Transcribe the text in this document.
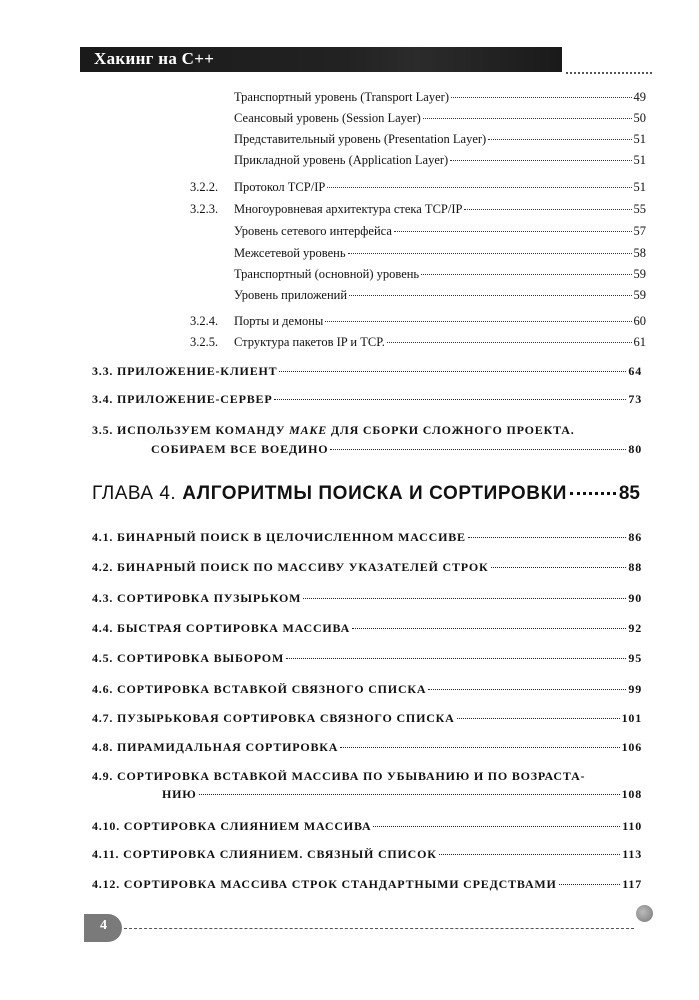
Хакинг на C++
Транспортный уровень (Transport Layer)	49
Сеансовый уровень (Session Layer)	50
Представительный уровень (Presentation Layer)	51
Прикладной уровень (Application Layer)	51
3.2.2.	Протокол TCP/IP	51
3.2.3.	Многоуровневая архитектура стека TCP/IP	55
Уровень сетевого интерфейса	57
Межсетевой уровень	58
Транспортный (основной) уровень	59
Уровень приложений	59
3.2.4.	Порты и демоны	60
3.2.5.	Структура пакетов IP и TCP.	61
3.3. ПРИЛОЖЕНИЕ-КЛИЕНТ	64
3.4. ПРИЛОЖЕНИЕ-СЕРВЕР	73
3.5. ИСПОЛЬЗУЕМ КОМАНДУ MAKE ДЛЯ СБОРКИ СЛОЖНОГО ПРОЕКТА.
СОБИРАЕМ ВСЕ ВОЕДИНО	80
ГЛАВА 4. АЛГОРИТМЫ ПОИСКА И СОРТИРОВКИ	85
4.1. БИНАРНЫЙ ПОИСК В ЦЕЛОЧИСЛЕННОМ МАССИВЕ	86
4.2. БИНАРНЫЙ ПОИСК ПО МАССИВУ УКАЗАТЕЛЕЙ СТРОК	88
4.3. СОРТИРОВКА ПУЗЫРЬКОМ	90
4.4. БЫСТРАЯ СОРТИРОВКА МАССИВА	92
4.5. СОРТИРОВКА ВЫБОРОМ	95
4.6. СОРТИРОВКА ВСТАВКОЙ СВЯЗНОГО СПИСКА	99
4.7. ПУЗЫРЬКОВАЯ СОРТИРОВКА СВЯЗНОГО СПИСКА	101
4.8. ПИРАМИДАЛЬНАЯ СОРТИРОВКА	106
4.9. СОРТИРОВКА ВСТАВКОЙ МАССИВА ПО УБЫВАНИЮ И ПО ВОЗРАСТА-
НИЮ	108
4.10. СОРТИРОВКА СЛИЯНИЕМ МАССИВА	110
4.11. СОРТИРОВКА СЛИЯНИЕМ. СВЯЗНЫЙ СПИСОК	113
4.12. СОРТИРОВКА МАССИВА СТРОК СТАНДАРТНЫМИ СРЕДСТВАМИ	117
4
